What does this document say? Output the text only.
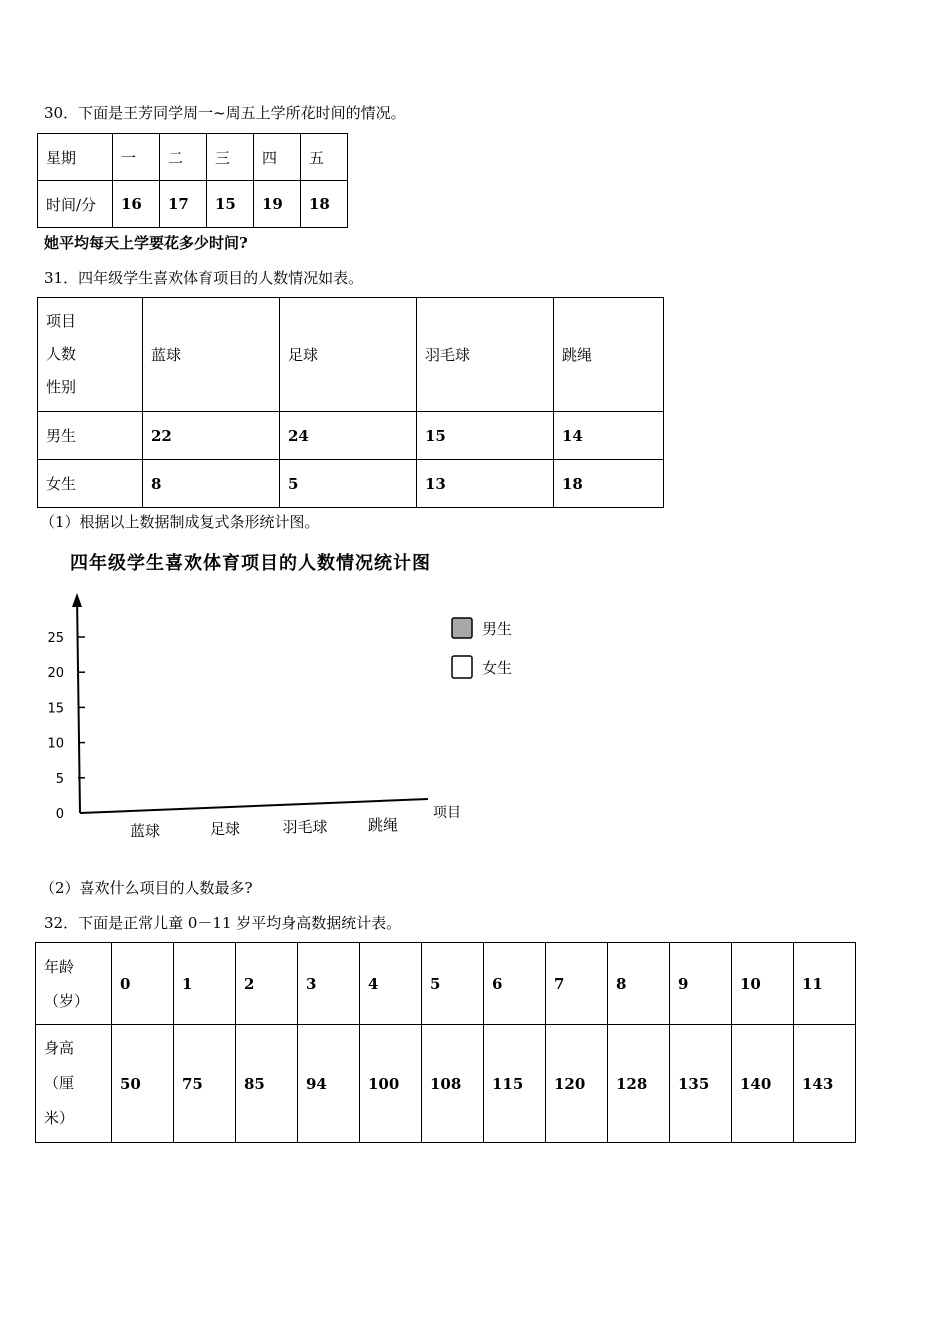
30．下面是王芳同学周一~周五上学所花时间的情况。
星期	一	二	三	四	五
时间/分	16	17	15	19	18
她平均每天上学要花多少时间?
31．四年级学生喜欢体育项目的人数情况如表。
项目
人数
性别	蓝球	足球	羽毛球	跳绳
男生	22	24	15	14
女生	8	5	13	18
（1）根据以上数据制成复式条形统计图。
四年级学生喜欢体育项目的人数情况统计图
项目
0
5
10
15
20
25
蓝球	足球	羽毛球	跳绳
男生
女生
（2）喜欢什么项目的人数最多?
32．下面是正常儿童 0－11 岁平均身高数据统计表。
年龄
（岁）	0	1	2	3	4	5	6	7	8	9	10	11

身高
（厘
米）	50	75	85	94	100	108	115	120	128	135	140	143
